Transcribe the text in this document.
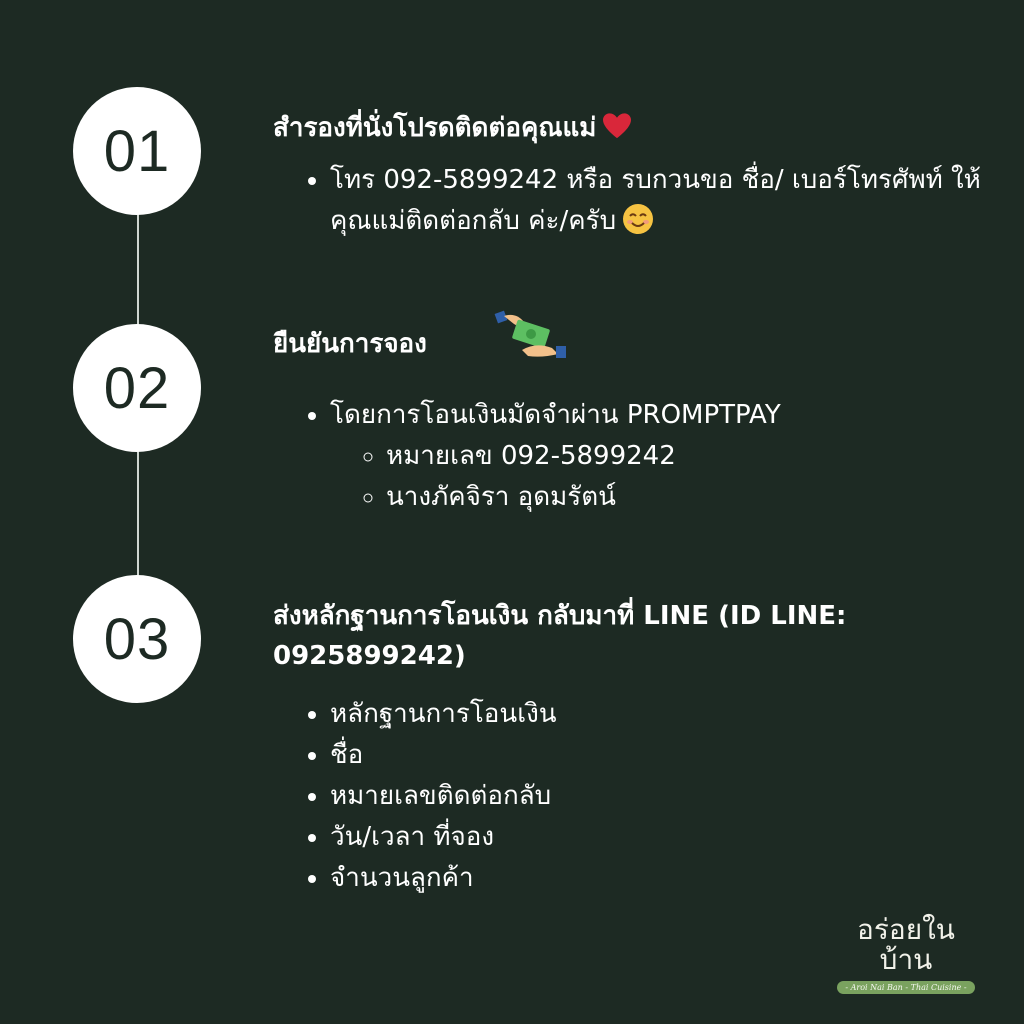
01
02
03
สำรองที่นั่งโปรดติดต่อคุณแม่
• โทร 092-5899242 หรือ รบกวนขอ ชื่อ/ เบอร์โทรศัพท์ ให้คุณแม่ติดต่อกลับ ค่ะ/ครับ
ยืนยันการจอง
• โดยการโอนเงินมัดจำผ่าน PROMPTPAY
◦ หมายเลข 092-5899242
◦ นางภัคจิรา อุดมรัตน์
ส่งหลักฐานการโอนเงิน กลับมาที่ LINE (ID LINE: 0925899242)
• หลักฐานการโอนเงิน
• ชื่อ
• หมายเลขติดต่อกลับ
• วัน/เวลา ที่จอง
• จำนวนลูกค้า
อร่อยในบ้าน
- Aroi Nai Ban - Thai Cuisine -
